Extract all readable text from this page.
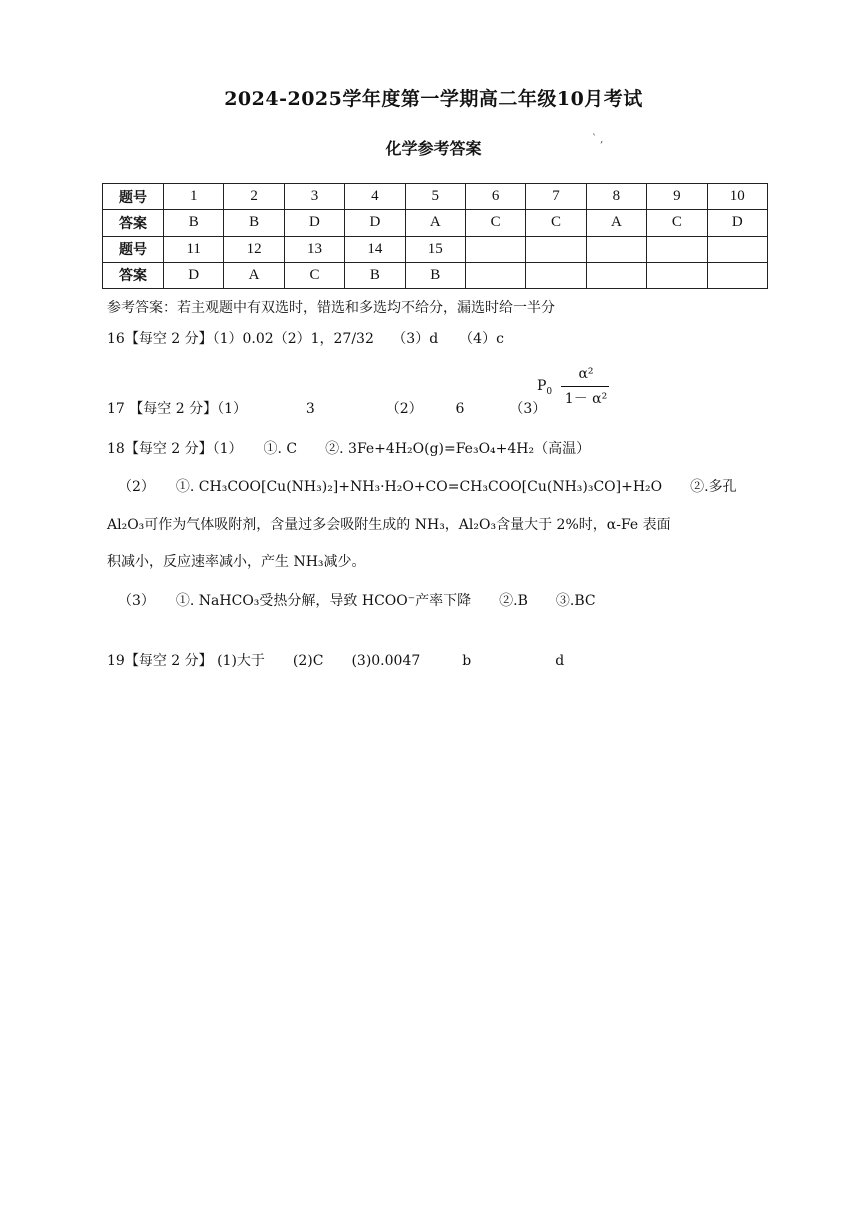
2024-2025学年度第一学期高二年级10月考试
化学参考答案	` ,
题号	1	2	3	4	5	6	7	8	9	10
答案	B	B	D	D	A	C	C	A	C	D
题号	11	12	13	14	15					
答案	D	A	C	B	B					
参考答案：若主观题中有双选时，错选和多选均不给分，漏选时给一半分
16【每空 2 分】（1）0.02（2）1，27/32　 （3）d　　（4）c
17 【每空 2 分】（1）	3	（2） 6	（3）
$P_0$
α²
1－ α²
18【每空 2 分】（1）　　①. C　　②. 3Fe+4H₂O(g)=Fe₃O₄+4H₂（高温）
（2）　　①. CH₃COO[Cu(NH₃)₂]+NH₃·H₂O+CO=CH₃COO[Cu(NH₃)₃CO]+H₂O　　②.多孔
Al₂O₃可作为气体吸附剂，含量过多会吸附生成的 NH₃，Al₂O₃含量大于 2%时，α-Fe 表面
积减小，反应速率减小，产生 NH₃减少。
（3）　　①. NaHCO₃受热分解，导致 HCOO⁻产率下降　　②.B　　③.BC
19【每空 2 分】 (1)大于　　(2)C　　(3)0.0047　　　b　　　　　　d
